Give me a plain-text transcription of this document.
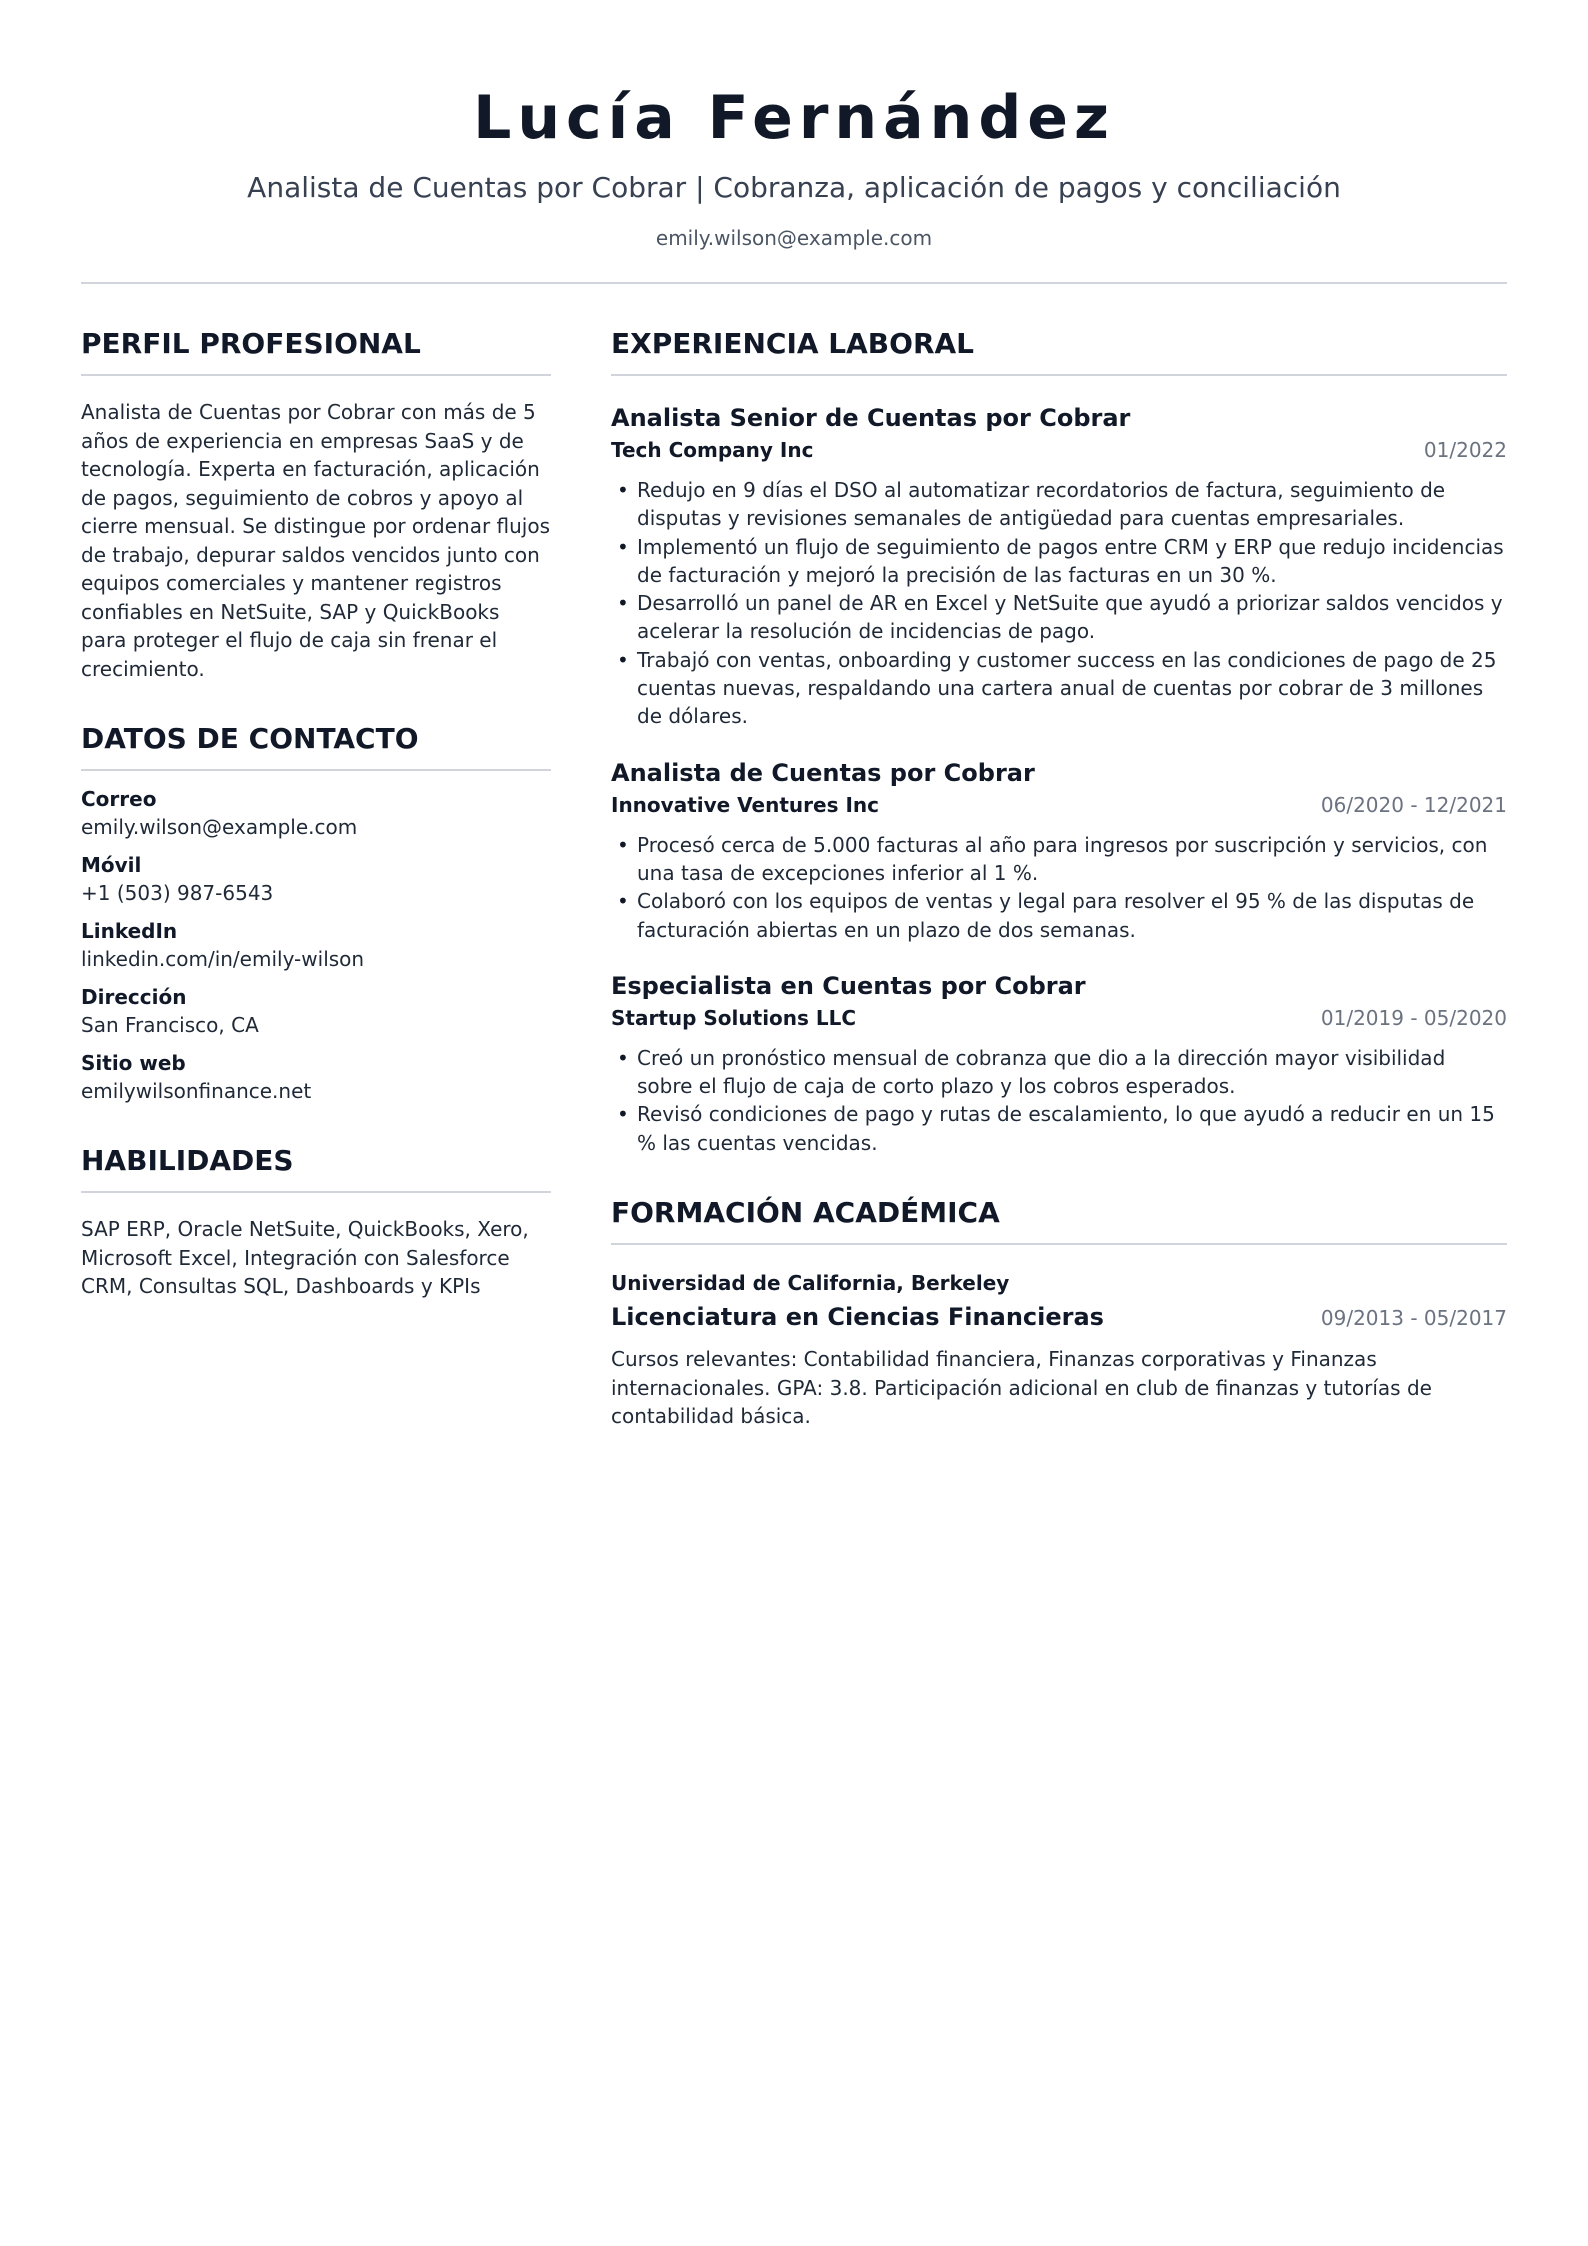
Lucía Fernández
Analista de Cuentas por Cobrar | Cobranza, aplicación de pagos y conciliación
emily.wilson@example.com
PERFIL PROFESIONAL
Analista de Cuentas por Cobrar con más de 5 años de experiencia en empresas SaaS y de tecnología. Experta en facturación, aplicación de pagos, seguimiento de cobros y apoyo al cierre mensual. Se distingue por ordenar flujos de trabajo, depurar saldos vencidos junto con equipos comerciales y mantener registros confiables en NetSuite, SAP y QuickBooks para proteger el flujo de caja sin frenar el crecimiento.
DATOS DE CONTACTO
Correo
emily.wilson@example.com
Móvil
+1 (503) 987-6543
LinkedIn
linkedin.com/in/emily-wilson
Dirección
San Francisco, CA
Sitio web
emilywilsonfinance.net
HABILIDADES
SAP ERP, Oracle NetSuite, QuickBooks, Xero, Microsoft Excel, Integración con Salesforce CRM, Consultas SQL, Dashboards y KPIs
EXPERIENCIA LABORAL
Analista Senior de Cuentas por Cobrar
Tech Company Inc	01/2022
• Redujo en 9 días el DSO al automatizar recordatorios de factura, seguimiento de disputas y revisiones semanales de antigüedad para cuentas empresariales.
• Implementó un flujo de seguimiento de pagos entre CRM y ERP que redujo incidencias de facturación y mejoró la precisión de las facturas en un 30 %.
• Desarrolló un panel de AR en Excel y NetSuite que ayudó a priorizar saldos vencidos y acelerar la resolución de incidencias de pago.
• Trabajó con ventas, onboarding y customer success en las condiciones de pago de 25 cuentas nuevas, respaldando una cartera anual de cuentas por cobrar de 3 millones de dólares.
Analista de Cuentas por Cobrar
Innovative Ventures Inc	06/2020 - 12/2021
• Procesó cerca de 5.000 facturas al año para ingresos por suscripción y servicios, con una tasa de excepciones inferior al 1 %.
• Colaboró con los equipos de ventas y legal para resolver el 95 % de las disputas de facturación abiertas en un plazo de dos semanas.
Especialista en Cuentas por Cobrar
Startup Solutions LLC	01/2019 - 05/2020
• Creó un pronóstico mensual de cobranza que dio a la dirección mayor visibilidad sobre el flujo de caja de corto plazo y los cobros esperados.
• Revisó condiciones de pago y rutas de escalamiento, lo que ayudó a reducir en un 15 % las cuentas vencidas.
FORMACIÓN ACADÉMICA
Universidad de California, Berkeley
Licenciatura en Ciencias Financieras	09/2013 - 05/2017
Cursos relevantes: Contabilidad financiera, Finanzas corporativas y Finanzas internacionales. GPA: 3.8. Participación adicional en club de finanzas y tutorías de contabilidad básica.
